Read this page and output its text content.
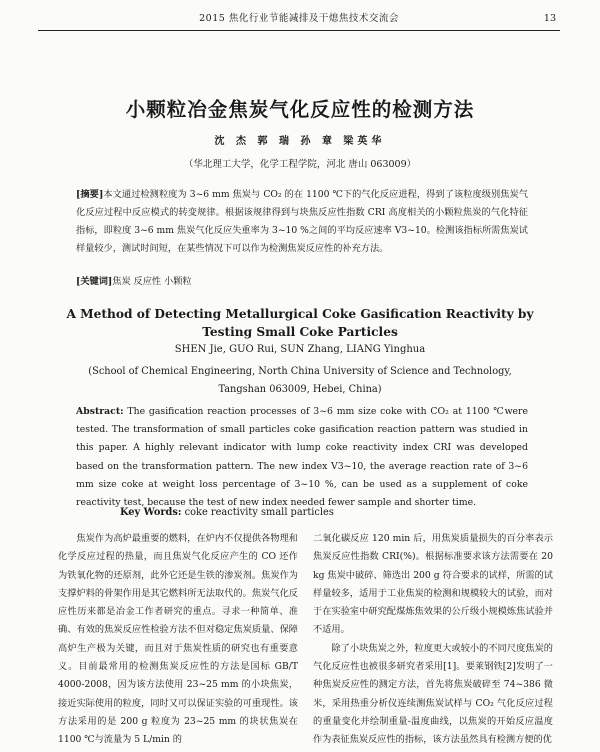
2015 焦化行业节能减排及干熄焦技术交流会	13
小颗粒冶金焦炭气化反应性的检测方法
沈 杰 郭 瑞 孙 章 梁英华
（华北理工大学，化学工程学院，河北 唐山 063009）

[摘要]本文通过检测粒度为 3~6 mm 焦炭与 CO₂ 的在 1100 ℃下的气化反应进程，得到了该粒度级别焦炭气化反应过程中反应模式的转变规律。根据该规律得到与块焦反应性指数 CRI 高度相关的小颗粒焦炭的气化特征指标，即粒度 3~6 mm 焦炭气化反应失重率为 3~10 %之间的平均反应速率 V3~10。检测该指标所需焦炭试样量较少，测试时间短，在某些情况下可以作为检测焦炭反应性的补充方法。

[关键词]焦炭 反应性 小颗粒
A Method of Detecting Metallurgical Coke Gasification Reactivity by Testing Small Coke Particles
SHEN Jie, GUO Rui, SUN Zhang, LIANG Yinghua
(School of Chemical Engineering, North China University of Science and Technology, Tangshan 063009, Hebei, China)

Abstract: The gasification reaction processes of 3~6 mm size coke with CO₂ at 1100 ℃were tested. The transformation of small particles coke gasification reaction pattern was studied in this paper. A highly relevant indicator with lump coke reactivity index CRI was developed based on the transformation pattern. The new index V3~10, the average reaction rate of 3~6 mm size coke at weight loss percentage of 3~10 %, can be used as a supplement of coke reactivity test, because the test of new index needed fewer sample and shorter time.

Key Words: coke reactivity small particles

焦炭作为高炉最重要的燃料，在炉内不仅提供各物理和化学反应过程的热量，而且焦炭气化反应产生的 CO 还作为铁氧化物的还原剂，此外它还是生铁的渗炭剂。焦炭作为支撑炉料的骨架作用是其它燃料所无法取代的。焦炭气化反应性历来都是冶金工作者研究的重点。寻求一种简单、准确、有效的焦炭反应性检验方法不但对稳定焦炭质量、保障高炉生产极为关键，而且对于焦炭性质的研究也有重要意义。目前最常用的检测焦炭反应性的方法是国标 GB/T 4000-2008，因为该方法使用 23~25 mm 的小块焦炭，接近实际使用的粒度，同时又可以保证实验的可重现性。该方法采用的是 200 g 粒度为 23~25 mm 的块状焦炭在 1100 ℃与流量为 5 L/min 的

二氧化碳反应 120 min 后，用焦炭质量损失的百分率表示焦炭反应性指数 CRI(%)。根据标准要求该方法需要在 20 kg 焦炭中破碎、筛选出 200 g 符合要求的试样，所需的试样量较多，适用于工业焦炭的检测和规模较大的试验，而对于在实验室中研究配煤炼焦效果的公斤级小规模炼焦试验并不适用。

除了小块焦炭之外，粒度更大或较小的不同尺度焦炭的气化反应性也被很多研究者采用[1]。要莱钢铁[2]发明了一种焦炭反应性的测定方法，首先将焦炭破碎至 74~386 微米，采用热重分析仪连续测焦炭试样与 CO₂ 气化反应过程的重量变化并绘制重量-温度曲线，以焦炭的开始反应温度作为表征焦炭反应性的指标，该方法虽然具有检测方便的优
